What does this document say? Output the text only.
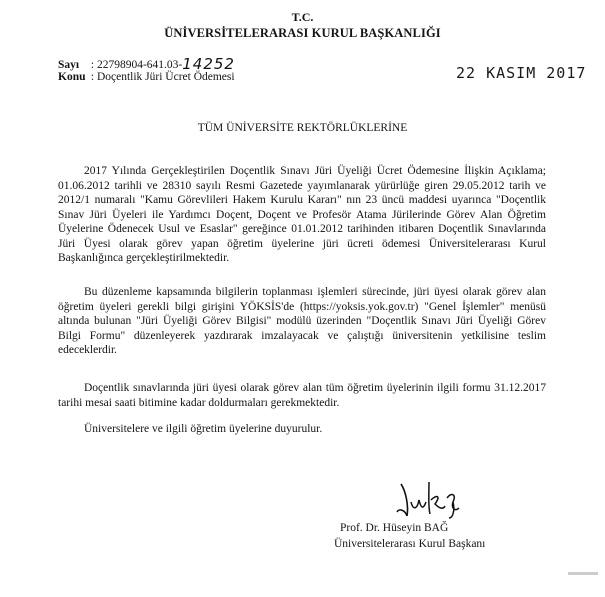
T.C.
ÜNİVERSİTELERARASI KURUL BAŞKANLIĞI
Sayı : 22798904-641.03-14252
Konu : Doçentlik Jüri Ücret Ödemesi	22 KASIM 2017
TÜM ÜNİVERSİTE REKTÖRLÜKLERİNE
2017 Yılında Gerçekleştirilen Doçentlik Sınavı Jüri Üyeliği Ücret Ödemesine İlişkin Açıklama; 01.06.2012 tarihli ve 28310 sayılı Resmi Gazetede yayımlanarak yürürlüğe giren 29.05.2012 tarih ve 2012/1 numaralı "Kamu Görevlileri Hakem Kurulu Kararı" nın 23 üncü maddesi uyarınca "Doçentlik Sınav Jüri Üyeleri ile Yardımcı Doçent, Doçent ve Profesör Atama Jürilerinde Görev Alan Öğretim Üyelerine Ödenecek Usul ve Esaslar" gereğince 01.01.2012 tarihinden itibaren Doçentlik Sınavlarında Jüri Üyesi olarak görev yapan öğretim üyelerine jüri ücreti ödemesi Üniversitelerarası Kurul Başkanlığınca gerçekleştirilmektedir.
Bu düzenleme kapsamında bilgilerin toplanması işlemleri sürecinde, jüri üyesi olarak görev alan öğretim üyeleri gerekli bilgi girişini YÖKSİS'de (https://yoksis.yok.gov.tr) "Genel İşlemler" menüsü altında bulunan "Jüri Üyeliği Görev Bilgisi" modülü üzerinden "Doçentlik Sınavı Jüri Üyeliği Görev Bilgi Formu" düzenleyerek yazdırarak imzalayacak ve çalıştığı üniversitenin yetkilisine teslim edeceklerdir.
Doçentlik sınavlarında jüri üyesi olarak görev alan tüm öğretim üyelerinin ilgili formu 31.12.2017 tarihi mesai saati bitimine kadar doldurmaları gerekmektedir.
Üniversitelere ve ilgili öğretim üyelerine duyurulur.
Prof. Dr. Hüseyin BAĞ
Üniversitelerarası Kurul Başkanı
